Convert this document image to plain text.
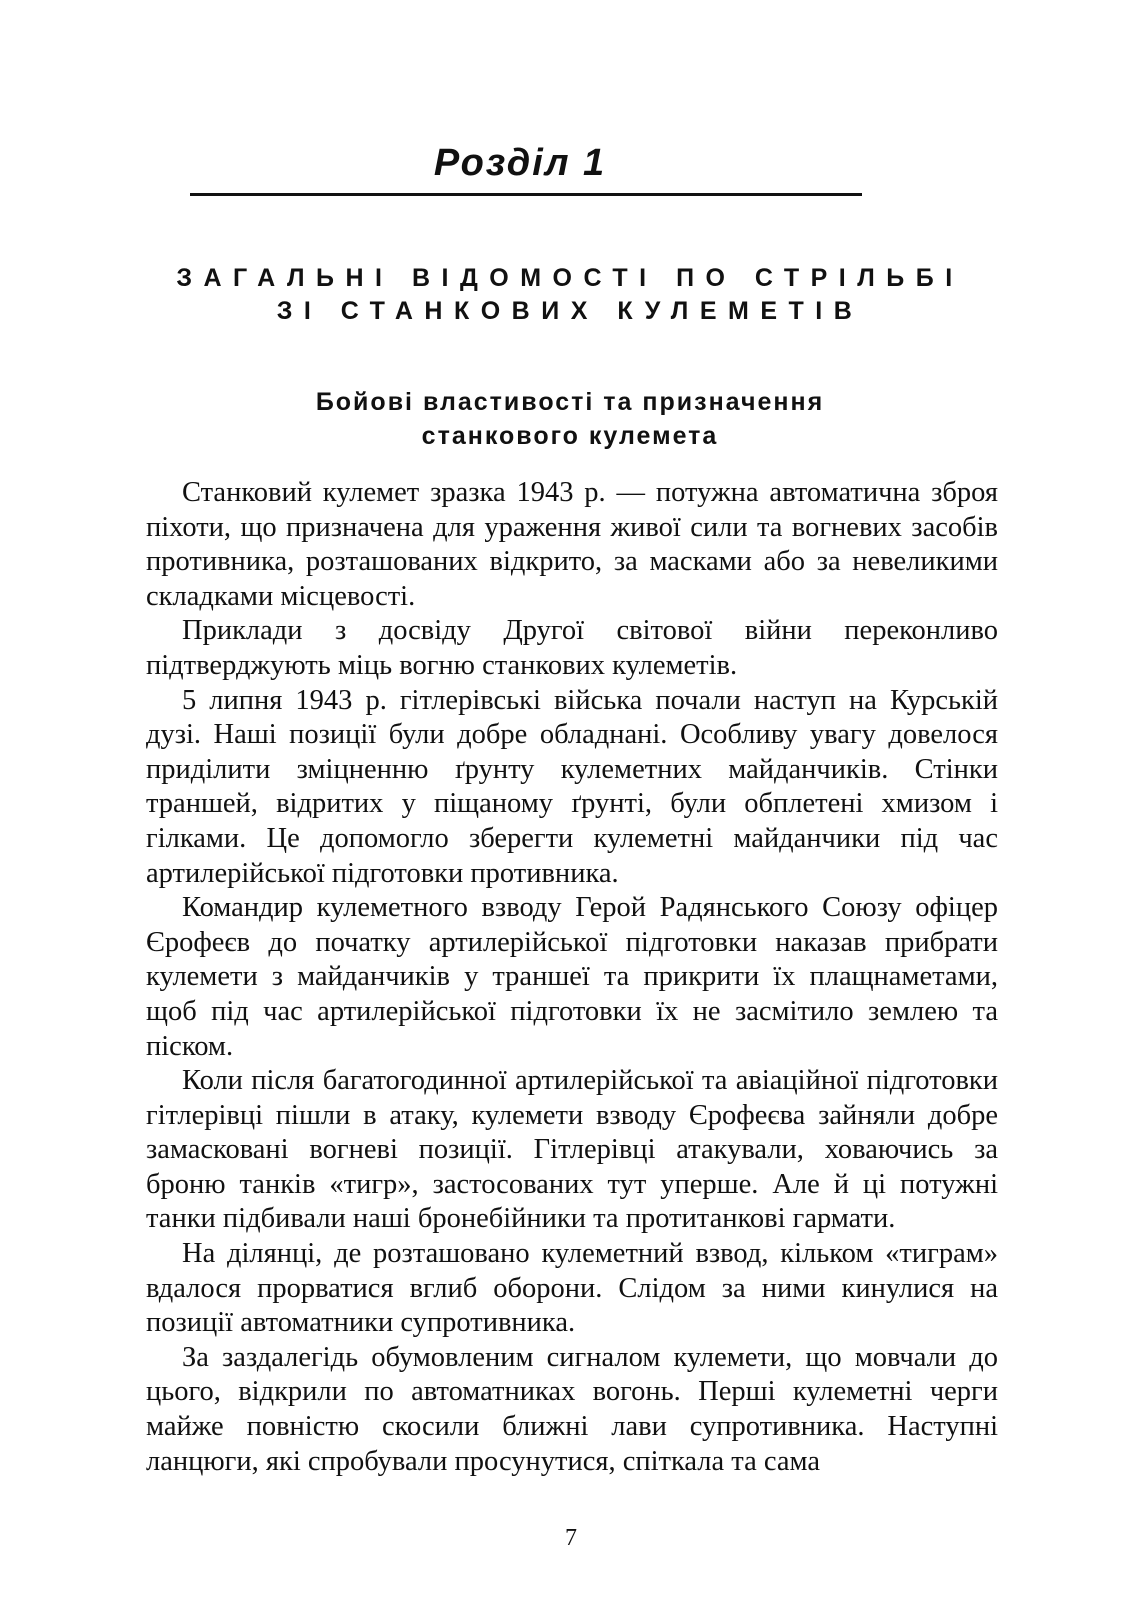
Розділ 1
ЗАГАЛЬНІ ВІДОМОСТІ ПО СТРІЛЬБІ
ЗІ СТАНКОВИХ КУЛЕМЕТІВ
Бойові властивості та призначення
станкового кулемета

Станковий кулемет зразка 1943 р. — потужна автоматична зброя піхоти, що призначена для ураження живої сили та вогневих засобів противника, розташованих відкрито, за масками або за невеликими складками місцевості.

Приклади з досвіду Другої світової війни переконливо підтверджують міць вогню станкових кулеметів.

5 липня 1943 р. гітлерівські війська почали наступ на Курській дузі. Наші позиції були добре обладнані. Особливу увагу довелося приділити зміцненню ґрунту кулеметних майданчиків. Стінки траншей, відритих у піщаному ґрунті, були обплетені хмизом і гілками. Це допомогло зберегти кулеметні майданчики під час артилерійської підготовки противника.

Командир кулеметного взводу Герой Радянського Союзу офіцер Єрофеєв до початку артилерійської підготовки наказав прибрати кулемети з майданчиків у траншеї та прикрити їх плащнаметами, щоб під час артилерійської підготовки їх не засмітило землею та піском.

Коли після багатогодинної артилерійської та авіаційної підготовки гітлерівці пішли в атаку, кулемети взводу Єрофеєва зайняли добре замасковані вогневі позиції. Гітлерівці атакували, ховаючись за броню танків «тигр», застосованих тут уперше. Але й ці потужні танки підбивали наші бронебійники та протитанкові гармати.

На ділянці, де розташовано кулеметний взвод, кільком «тиграм» вдалося прорватися вглиб оборони. Слідом за ними кинулися на позиції автоматники супротивника.

За заздалегідь обумовленим сигналом кулемети, що мовчали до цього, відкрили по автоматниках вогонь. Перші кулеметні черги майже повністю скосили ближні лави супротивника. Наступні ланцюги, які спробували просунутися, спіткала та сама

7
